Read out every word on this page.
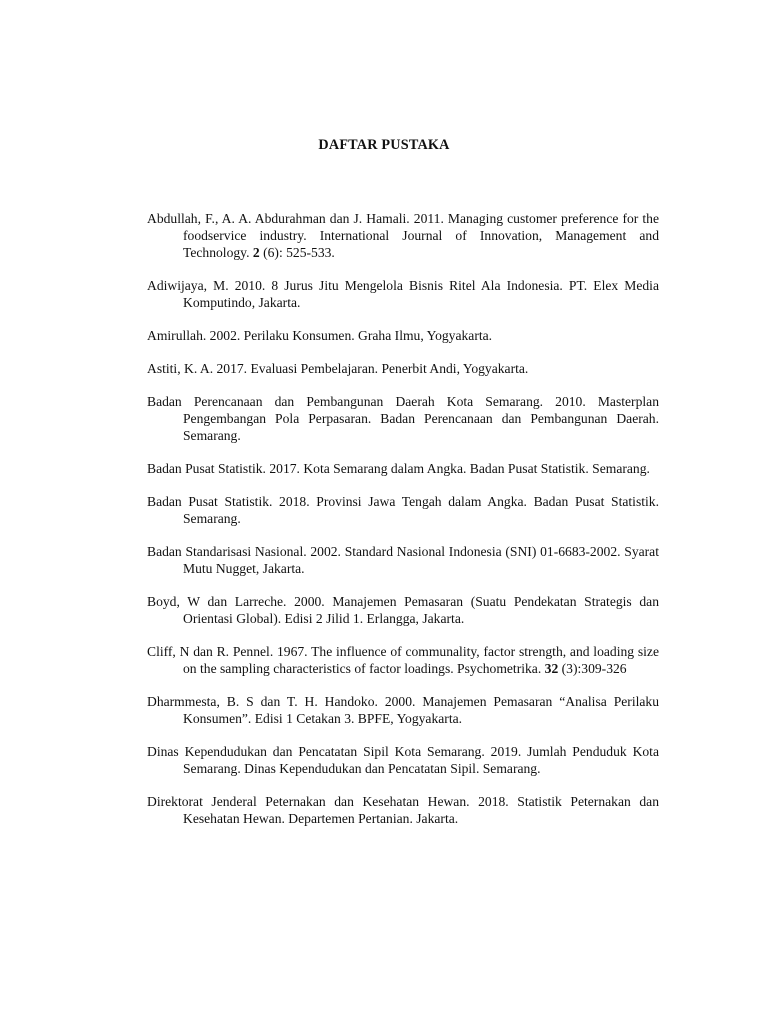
DAFTAR PUSTAKA

Abdullah, F., A. A. Abdurahman dan J. Hamali. 2011. Managing customer preference for the foodservice industry. International Journal of Innovation, Management and Technology. 2 (6): 525-533.

Adiwijaya, M. 2010. 8 Jurus Jitu Mengelola Bisnis Ritel Ala Indonesia. PT. Elex Media Komputindo, Jakarta.

Amirullah. 2002. Perilaku Konsumen. Graha Ilmu, Yogyakarta.

Astiti, K. A. 2017. Evaluasi Pembelajaran. Penerbit Andi, Yogyakarta.

Badan Perencanaan dan Pembangunan Daerah Kota Semarang. 2010. Masterplan Pengembangan Pola Perpasaran. Badan Perencanaan dan Pembangunan Daerah. Semarang.

Badan Pusat Statistik. 2017. Kota Semarang dalam Angka. Badan Pusat Statistik. Semarang.

Badan Pusat Statistik. 2018. Provinsi Jawa Tengah dalam Angka. Badan Pusat Statistik. Semarang.

Badan Standarisasi Nasional. 2002. Standard Nasional Indonesia (SNI) 01-6683-2002. Syarat Mutu Nugget, Jakarta.

Boyd, W dan Larreche. 2000. Manajemen Pemasaran (Suatu Pendekatan Strategis dan Orientasi Global). Edisi 2 Jilid 1. Erlangga, Jakarta.

Cliff, N dan R. Pennel. 1967. The influence of communality, factor strength, and loading size on the sampling characteristics of factor loadings. Psychometrika. 32 (3):309-326

Dharmmesta, B. S dan T. H. Handoko. 2000. Manajemen Pemasaran “Analisa Perilaku Konsumen”. Edisi 1 Cetakan 3. BPFE, Yogyakarta.

Dinas Kependudukan dan Pencatatan Sipil Kota Semarang. 2019. Jumlah Penduduk Kota Semarang. Dinas Kependudukan dan Pencatatan Sipil. Semarang.

Direktorat Jenderal Peternakan dan Kesehatan Hewan. 2018. Statistik Peternakan dan Kesehatan Hewan. Departemen Pertanian. Jakarta.
